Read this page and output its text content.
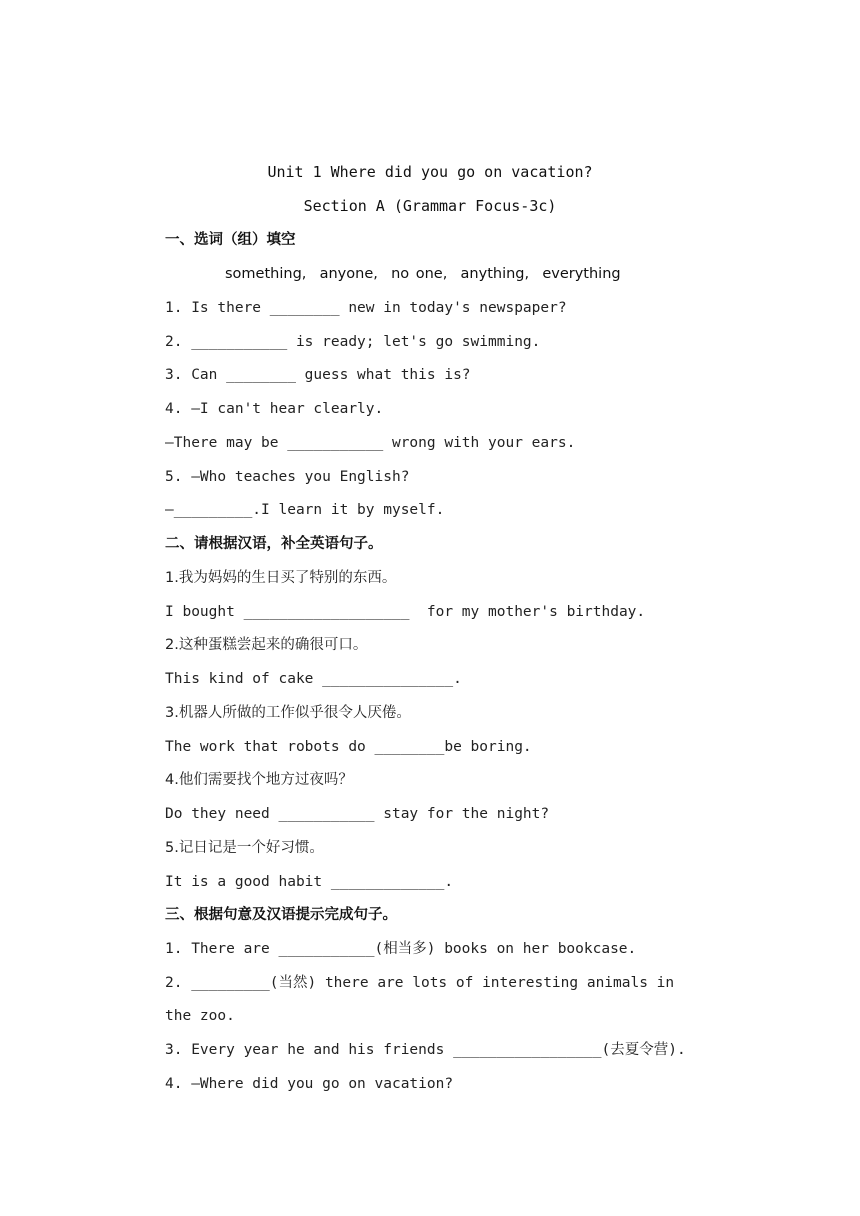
Unit 1 Where did you go on vacation?
Section A (Grammar Focus-3c)
一、选词（组）填空
something,  anyone,  no one,  anything,  everything
1. Is there ________ new in today's newspaper?
2. ___________ is ready; let's go swimming.
3. Can ________ guess what this is?
4. —I can't hear clearly.
—There may be ___________ wrong with your ears.
5. —Who teaches you English?
—_________.I learn it by myself.
二、请根据汉语，补全英语句子。
1.我为妈妈的生日买了特别的东西。
I bought ___________________  for my mother's birthday.
2.这种蛋糕尝起来的确很可口。
This kind of cake _______________.
3.机器人所做的工作似乎很令人厌倦。
The work that robots do ________be boring.
4.他们需要找个地方过夜吗？
Do they need ___________ stay for the night?
5.记日记是一个好习惯。
It is a good habit _____________.
三、根据句意及汉语提示完成句子。
1. There are ___________(相当多) books on her bookcase.
2. _________(当然) there are lots of interesting animals in
the zoo.
3. Every year he and his friends _________________(去夏令营).
4. —Where did you go on vacation?
